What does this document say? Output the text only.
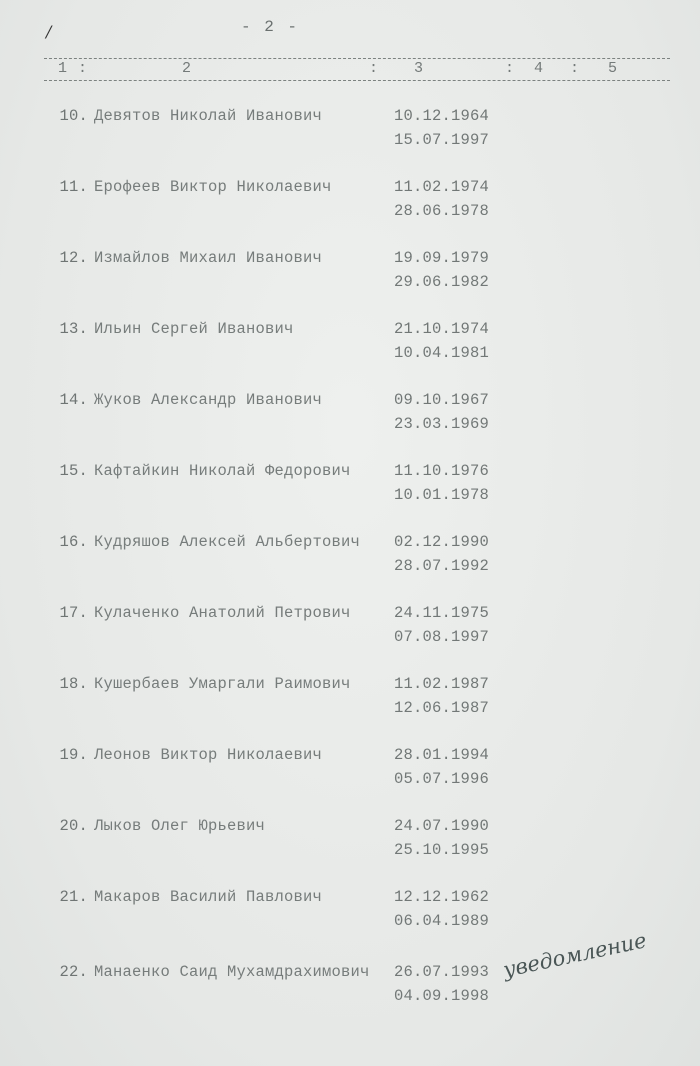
/	- 2 -
1 :	2	: 3	: 4 : 5
10. Девятов Николай Иванович	10.12.1964
15.07.1997
11. Ерофеев Виктор Николаевич	11.02.1974
28.06.1978
12. Измайлов Михаил Иванович	19.09.1979
29.06.1982
13. Ильин Сергей Иванович	21.10.1974
10.04.1981
14. Жуков Александр Иванович	09.10.1967
23.03.1969
15. Кафтайкин Николай Федорович	11.10.1976
10.01.1978
16. Кудряшов Алексей Альбертович 02.12.1990
28.07.1992
17. Кулаченко Анатолий Петрович	24.11.1975
07.08.1997
18. Кушербаев Умаргали Раимович	11.02.1987
12.06.1987
19. Леонов Виктор Николаевич	28.01.1994
05.07.1996
20. Лыков Олег Юрьевич	24.07.1990
25.10.1995
21. Макаров Василий Павлович	12.12.1962
06.04.1989
22. Манаенко Саид Мухамдрахимович 26.07.1993
04.09.1998
уведомление
